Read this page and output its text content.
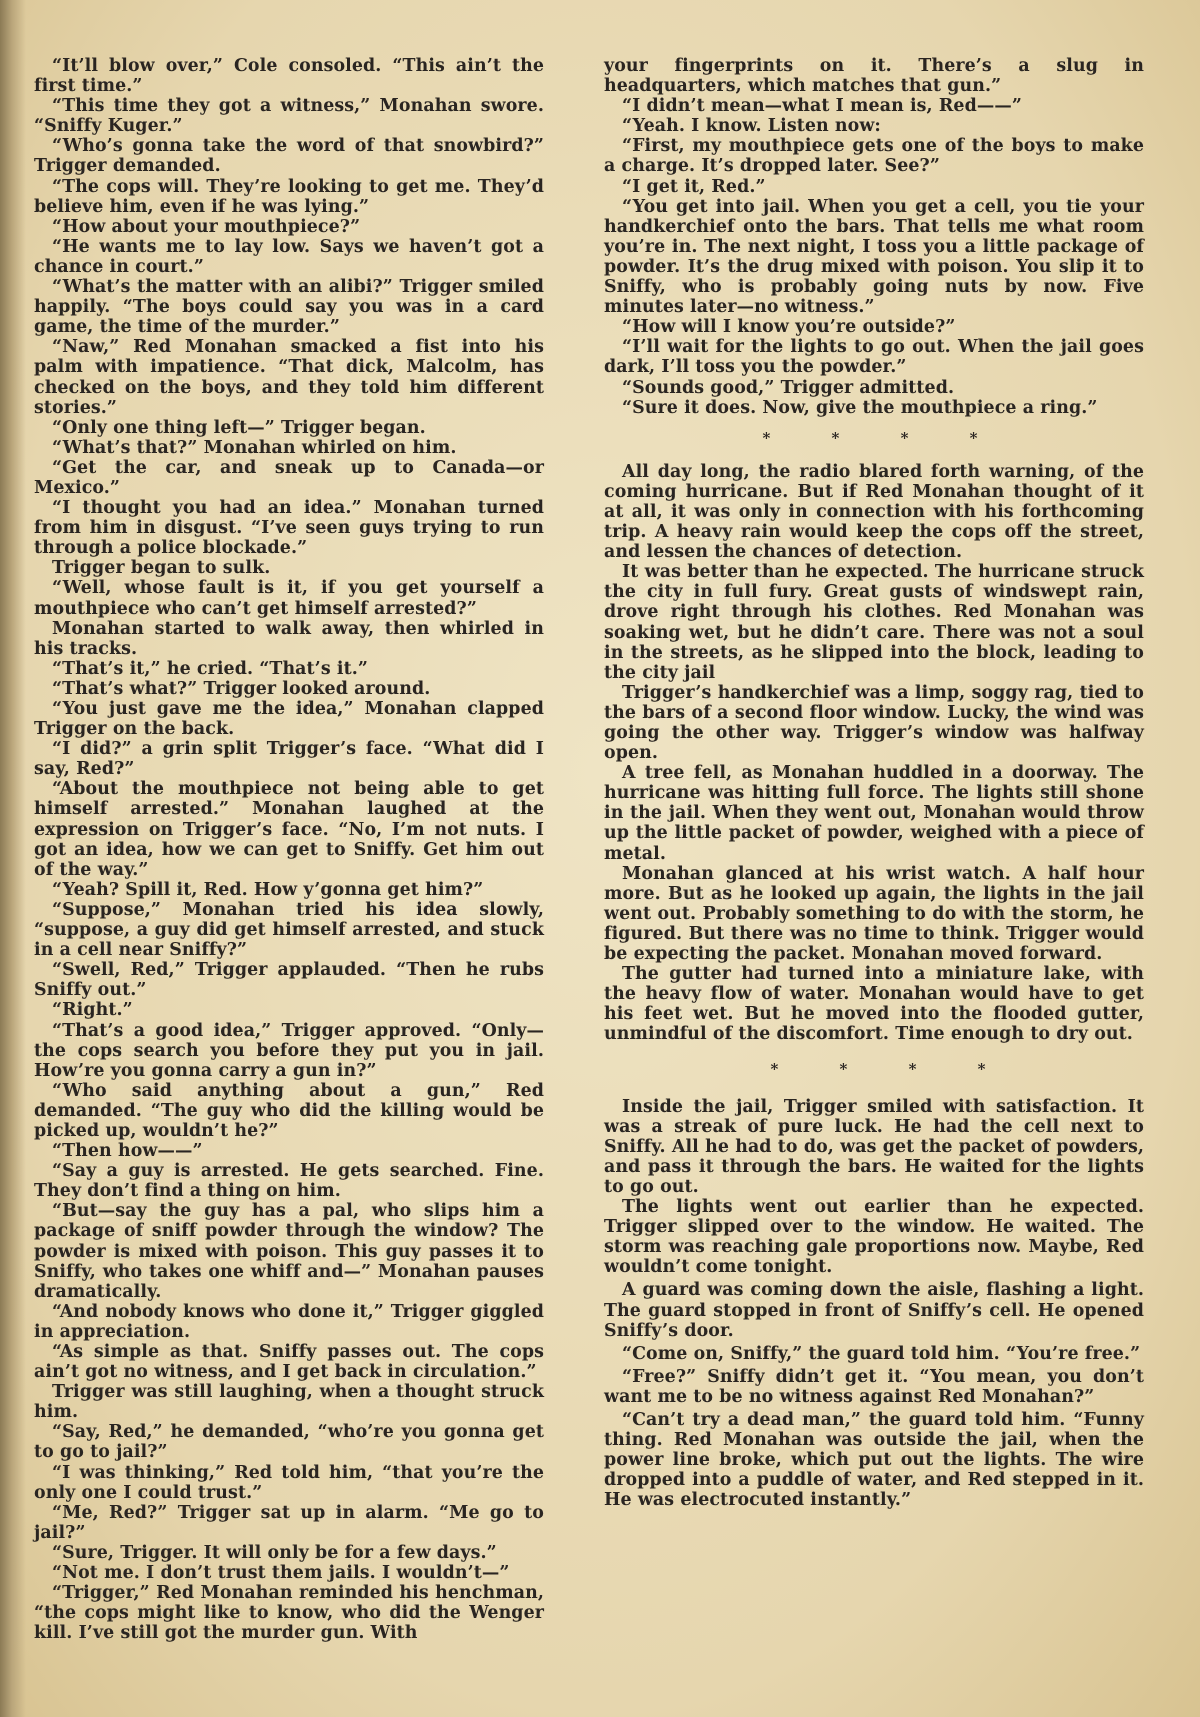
“It’ll blow over,” Cole consoled. “This ain’t the first time.”

“This time they got a witness,” Monahan swore. “Sniffy Kuger.”

“Who’s gonna take the word of that snowbird?” Trigger demanded.

“The cops will. They’re looking to get me. They’d believe him, even if he was lying.”

“How about your mouthpiece?”

“He wants me to lay low. Says we haven’t got a chance in court.”

“What’s the matter with an alibi?” Trigger smiled happily. “The boys could say you was in a card game, the time of the murder.”

“Naw,” Red Monahan smacked a fist into his palm with impatience. “That dick, Malcolm, has checked on the boys, and they told him different stories.”

“Only one thing left—” Trigger began.

“What’s that?” Monahan whirled on him.

“Get the car, and sneak up to Canada—or Mexico.”

“I thought you had an idea.” Monahan turned from him in disgust. “I’ve seen guys trying to run through a police blockade.”

Trigger began to sulk.

“Well, whose fault is it, if you get yourself a mouthpiece who can’t get himself arrested?”

Monahan started to walk away, then whirled in his tracks.

“That’s it,” he cried. “That’s it.”

“That’s what?” Trigger looked around.

“You just gave me the idea,” Monahan clapped Trigger on the back.

“I did?” a grin split Trigger’s face. “What did I say, Red?”

“About the mouthpiece not being able to get himself arrested.” Monahan laughed at the expression on Trigger’s face. “No, I’m not nuts. I got an idea, how we can get to Sniffy. Get him out of the way.”

“Yeah? Spill it, Red. How y’gonna get him?”

“Suppose,” Monahan tried his idea slowly, “suppose, a guy did get himself arrested, and stuck in a cell near Sniffy?”

“Swell, Red,” Trigger applauded. “Then he rubs Sniffy out.”

“Right.”

“That’s a good idea,” Trigger approved. “Only—the cops search you before they put you in jail. How’re you gonna carry a gun in?”

“Who said anything about a gun,” Red demanded. “The guy who did the killing would be picked up, wouldn’t he?”

“Then how——”

“Say a guy is arrested. He gets searched. Fine. They don’t find a thing on him.

“But—say the guy has a pal, who slips him a package of sniff powder through the window? The powder is mixed with poison. This guy passes it to Sniffy, who takes one whiff and—” Monahan pauses dramatically.

“And nobody knows who done it,” Trigger giggled in appreciation.

“As simple as that. Sniffy passes out. The cops ain’t got no witness, and I get back in circulation.”

Trigger was still laughing, when a thought struck him.

“Say, Red,” he demanded, “who’re you gonna get to go to jail?”

“I was thinking,” Red told him, “that you’re the only one I could trust.”

“Me, Red?” Trigger sat up in alarm. “Me go to jail?”

“Sure, Trigger. It will only be for a few days.”

“Not me. I don’t trust them jails. I wouldn’t—”

“Trigger,” Red Monahan reminded his henchman, “the cops might like to know, who did the Wenger kill. I’ve still got the murder gun. With

your fingerprints on it. There’s a slug in headquarters, which matches that gun.”

“I didn’t mean—what I mean is, Red——”

“Yeah. I know. Listen now:

“First, my mouthpiece gets one of the boys to make a charge. It’s dropped later. See?”

“I get it, Red.”

“You get into jail. When you get a cell, you tie your handkerchief onto the bars. That tells me what room you’re in. The next night, I toss you a little package of powder. It’s the drug mixed with poison. You slip it to Sniffy, who is probably going nuts by now. Five minutes later—no witness.”

“How will I know you’re outside?”

“I’ll wait for the lights to go out. When the jail goes dark, I’ll toss you the powder.”

“Sounds good,” Trigger admitted.

“Sure it does. Now, give the mouthpiece a ring.”

* * * *

All day long, the radio blared forth warning, of the coming hurricane. But if Red Monahan thought of it at all, it was only in connection with his forthcoming trip. A heavy rain would keep the cops off the street, and lessen the chances of detection.

It was better than he expected. The hurricane struck the city in full fury. Great gusts of windswept rain, drove right through his clothes. Red Monahan was soaking wet, but he didn’t care. There was not a soul in the streets, as he slipped into the block, leading to the city jail

Trigger’s handkerchief was a limp, soggy rag, tied to the bars of a second floor window. Lucky, the wind was going the other way. Trigger’s window was halfway open.

A tree fell, as Monahan huddled in a doorway. The hurricane was hitting full force. The lights still shone in the jail. When they went out, Monahan would throw up the little packet of powder, weighed with a piece of metal.

Monahan glanced at his wrist watch. A half hour more. But as he looked up again, the lights in the jail went out. Probably something to do with the storm, he figured. But there was no time to think. Trigger would be expecting the packet. Monahan moved forward.

The gutter had turned into a miniature lake, with the heavy flow of water. Monahan would have to get his feet wet. But he moved into the flooded gutter, unmindful of the discomfort. Time enough to dry out.

* * * *

Inside the jail, Trigger smiled with satisfaction. It was a streak of pure luck. He had the cell next to Sniffy. All he had to do, was get the packet of powders, and pass it through the bars. He waited for the lights to go out.

The lights went out earlier than he expected. Trigger slipped over to the window. He waited. The storm was reaching gale proportions now. Maybe, Red wouldn’t come tonight.

A guard was coming down the aisle, flashing a light. The guard stopped in front of Sniffy’s cell. He opened Sniffy’s door.

“Come on, Sniffy,” the guard told him. “You’re free.”

“Free?” Sniffy didn’t get it. “You mean, you don’t want me to be no witness against Red Monahan?”

“Can’t try a dead man,” the guard told him. “Funny thing. Red Monahan was outside the jail, when the power line broke, which put out the lights. The wire dropped into a puddle of water, and Red stepped in it. He was electrocuted instantly.”
